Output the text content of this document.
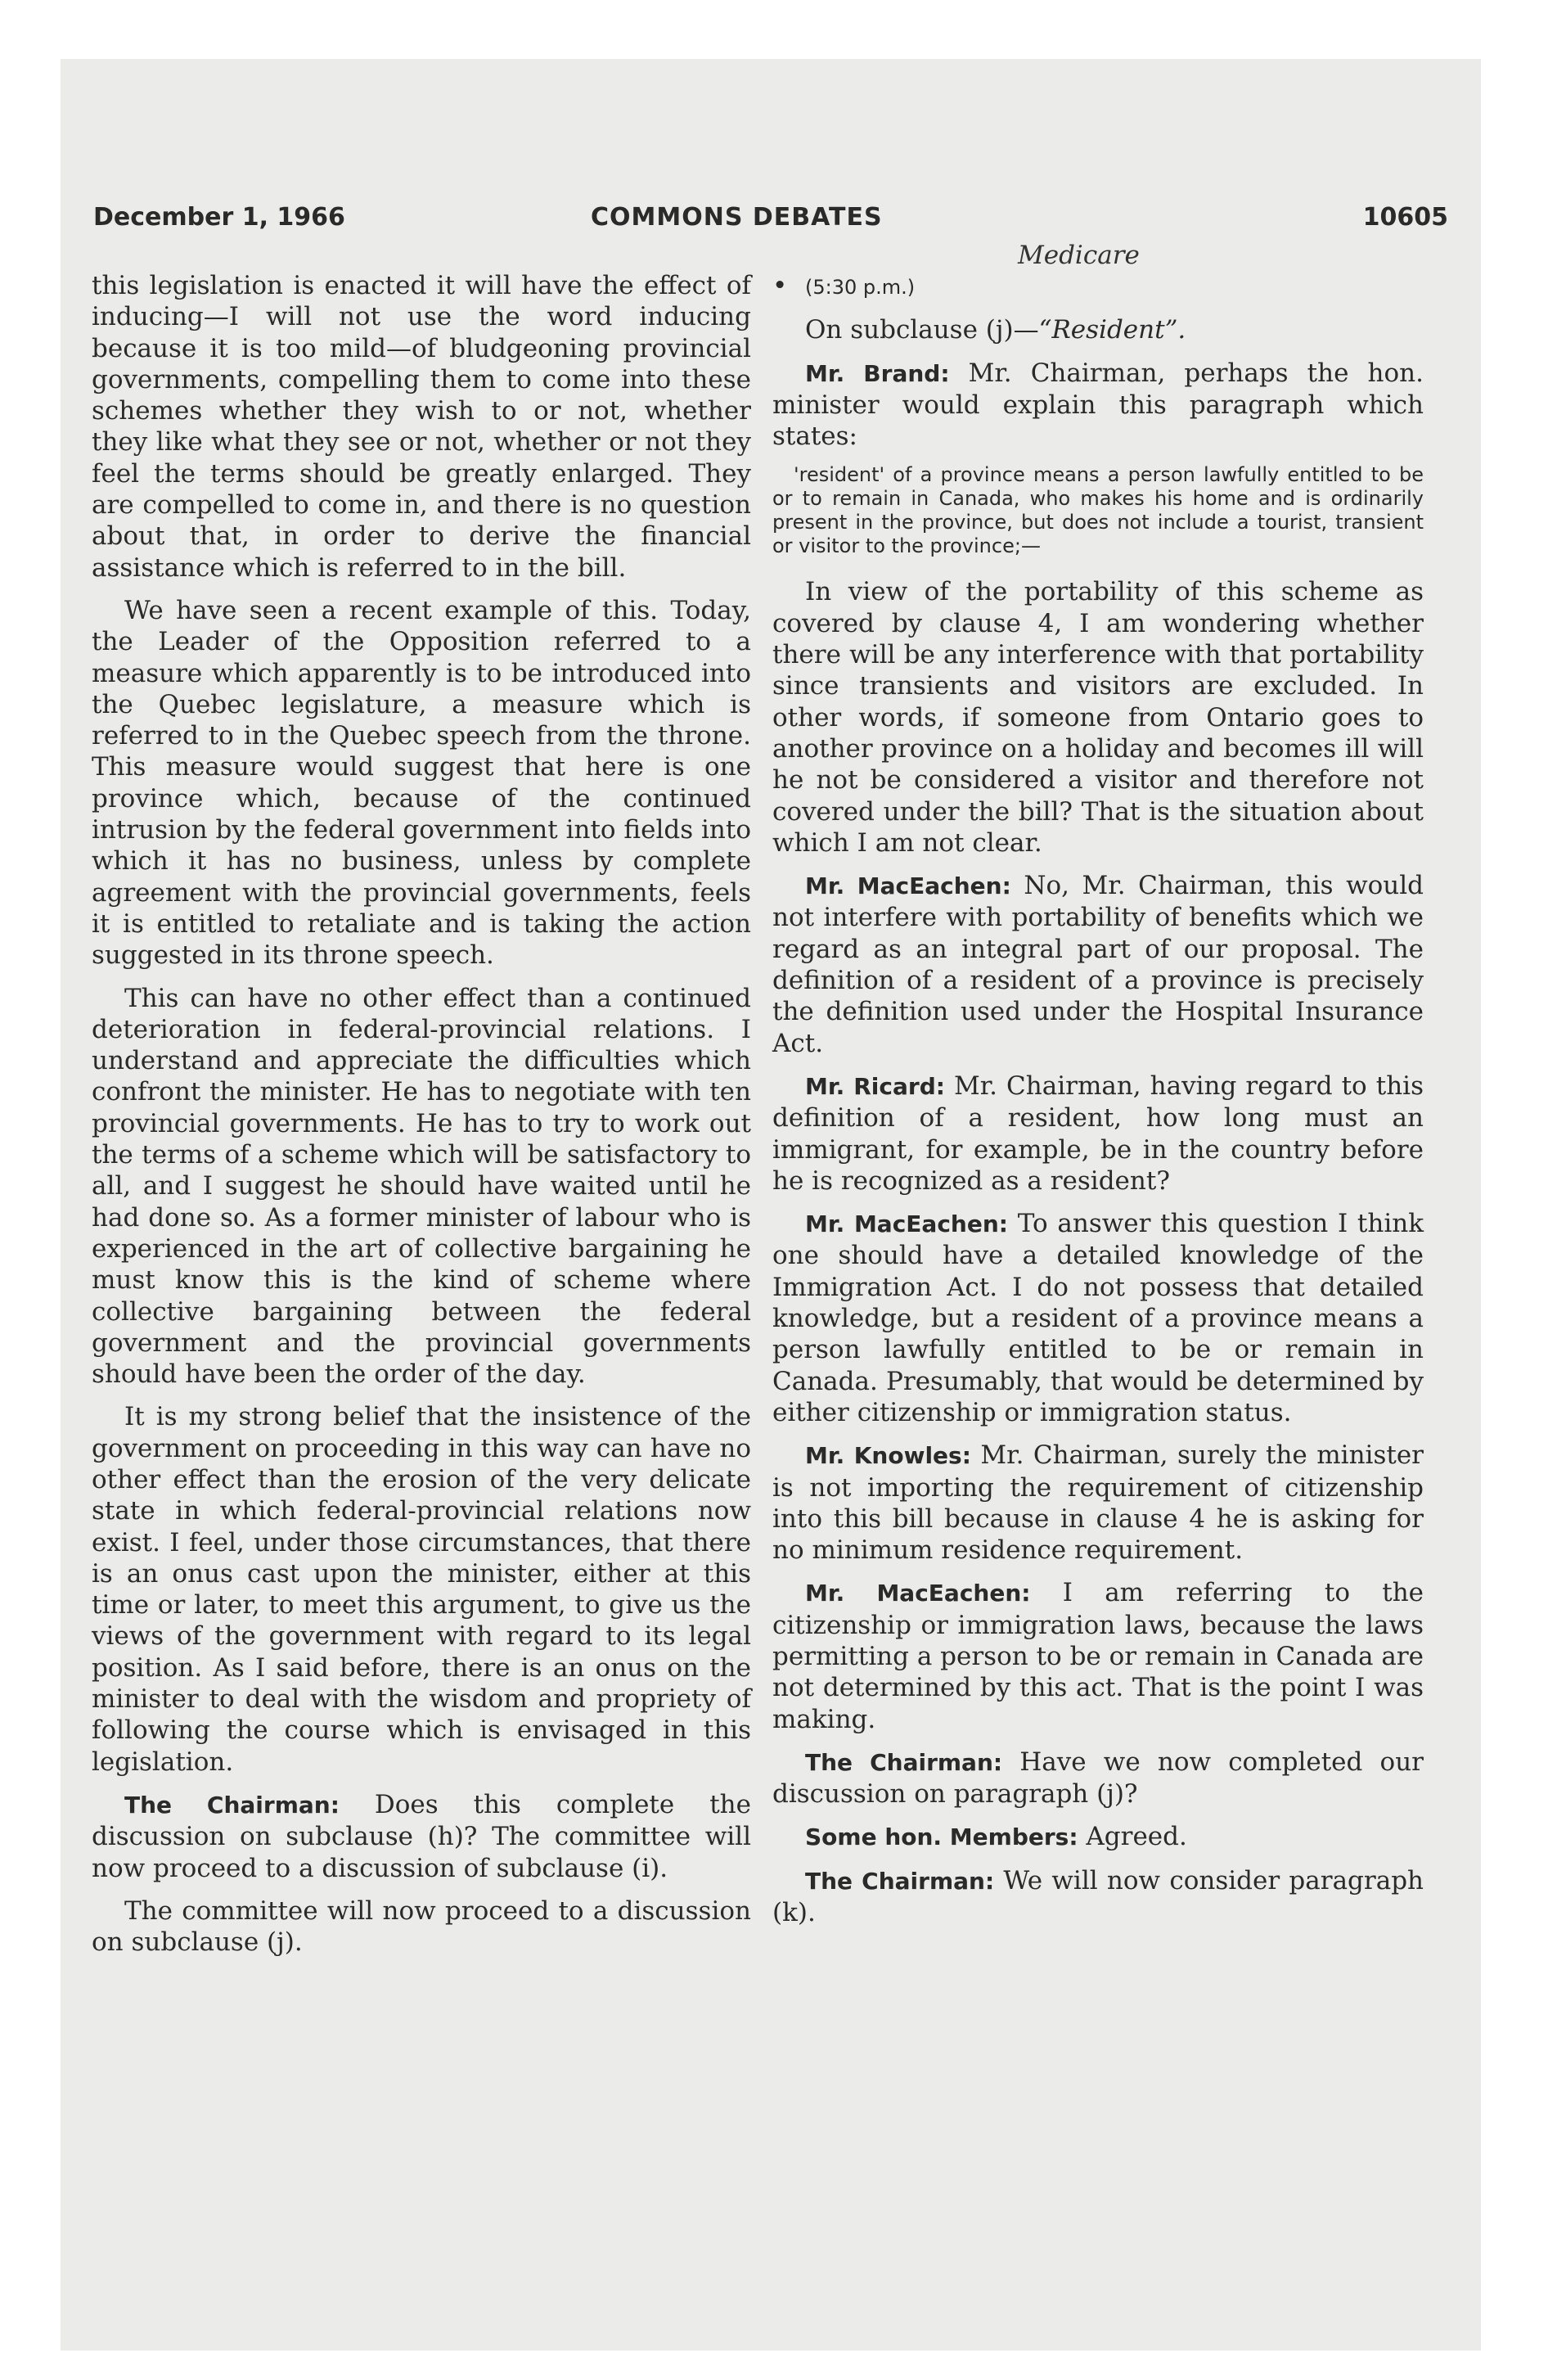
December 1, 1966	COMMONS DEBATES	10605
Medicare

this legislation is enacted it will have the effect of inducing—I will not use the word inducing because it is too mild—of bludgeoning provincial governments, compelling them to come into these schemes whether they wish to or not, whether they like what they see or not, whether or not they feel the terms should be greatly enlarged. They are compelled to come in, and there is no question about that, in order to derive the financial assistance which is referred to in the bill.

We have seen a recent example of this. Today, the Leader of the Opposition referred to a measure which apparently is to be introduced into the Quebec legislature, a measure which is referred to in the Quebec speech from the throne. This measure would suggest that here is one province which, because of the continued intrusion by the federal government into fields into which it has no business, unless by complete agreement with the provincial governments, feels it is entitled to retaliate and is taking the action suggested in its throne speech.

This can have no other effect than a continued deterioration in federal-provincial relations. I understand and appreciate the difficulties which confront the minister. He has to negotiate with ten provincial governments. He has to try to work out the terms of a scheme which will be satisfactory to all, and I suggest he should have waited until he had done so. As a former minister of labour who is experienced in the art of collective bargaining he must know this is the kind of scheme where collective bargaining between the federal government and the provincial governments should have been the order of the day.

It is my strong belief that the insistence of the government on proceeding in this way can have no other effect than the erosion of the very delicate state in which federal-provincial relations now exist. I feel, under those circumstances, that there is an onus cast upon the minister, either at this time or later, to meet this argument, to give us the views of the government with regard to its legal position. As I said before, there is an onus on the minister to deal with the wisdom and propriety of following the course which is envisaged in this legislation.

The Chairman: Does this complete the discussion on subclause (h)? The committee will now proceed to a discussion of subclause (i).

The committee will now proceed to a discussion on subclause (j).

• (5:30 p.m.)

On subclause (j)—“Resident”.

Mr. Brand: Mr. Chairman, perhaps the hon. minister would explain this paragraph which states:

'resident' of a province means a person lawfully entitled to be or to remain in Canada, who makes his home and is ordinarily present in the province, but does not include a tourist, transient or visitor to the province;—

In view of the portability of this scheme as covered by clause 4, I am wondering whether there will be any interference with that portability since transients and visitors are excluded. In other words, if someone from Ontario goes to another province on a holiday and becomes ill will he not be considered a visitor and therefore not covered under the bill? That is the situation about which I am not clear.

Mr. MacEachen: No, Mr. Chairman, this would not interfere with portability of benefits which we regard as an integral part of our proposal. The definition of a resident of a province is precisely the definition used under the Hospital Insurance Act.

Mr. Ricard: Mr. Chairman, having regard to this definition of a resident, how long must an immigrant, for example, be in the country before he is recognized as a resident?

Mr. MacEachen: To answer this question I think one should have a detailed knowledge of the Immigration Act. I do not possess that detailed knowledge, but a resident of a province means a person lawfully entitled to be or remain in Canada. Presumably, that would be determined by either citizenship or immigration status.

Mr. Knowles: Mr. Chairman, surely the minister is not importing the requirement of citizenship into this bill because in clause 4 he is asking for no minimum residence requirement.

Mr. MacEachen: I am referring to the citizenship or immigration laws, because the laws permitting a person to be or remain in Canada are not determined by this act. That is the point I was making.

The Chairman: Have we now completed our discussion on paragraph (j)?

Some hon. Members: Agreed.

The Chairman: We will now consider paragraph (k).
